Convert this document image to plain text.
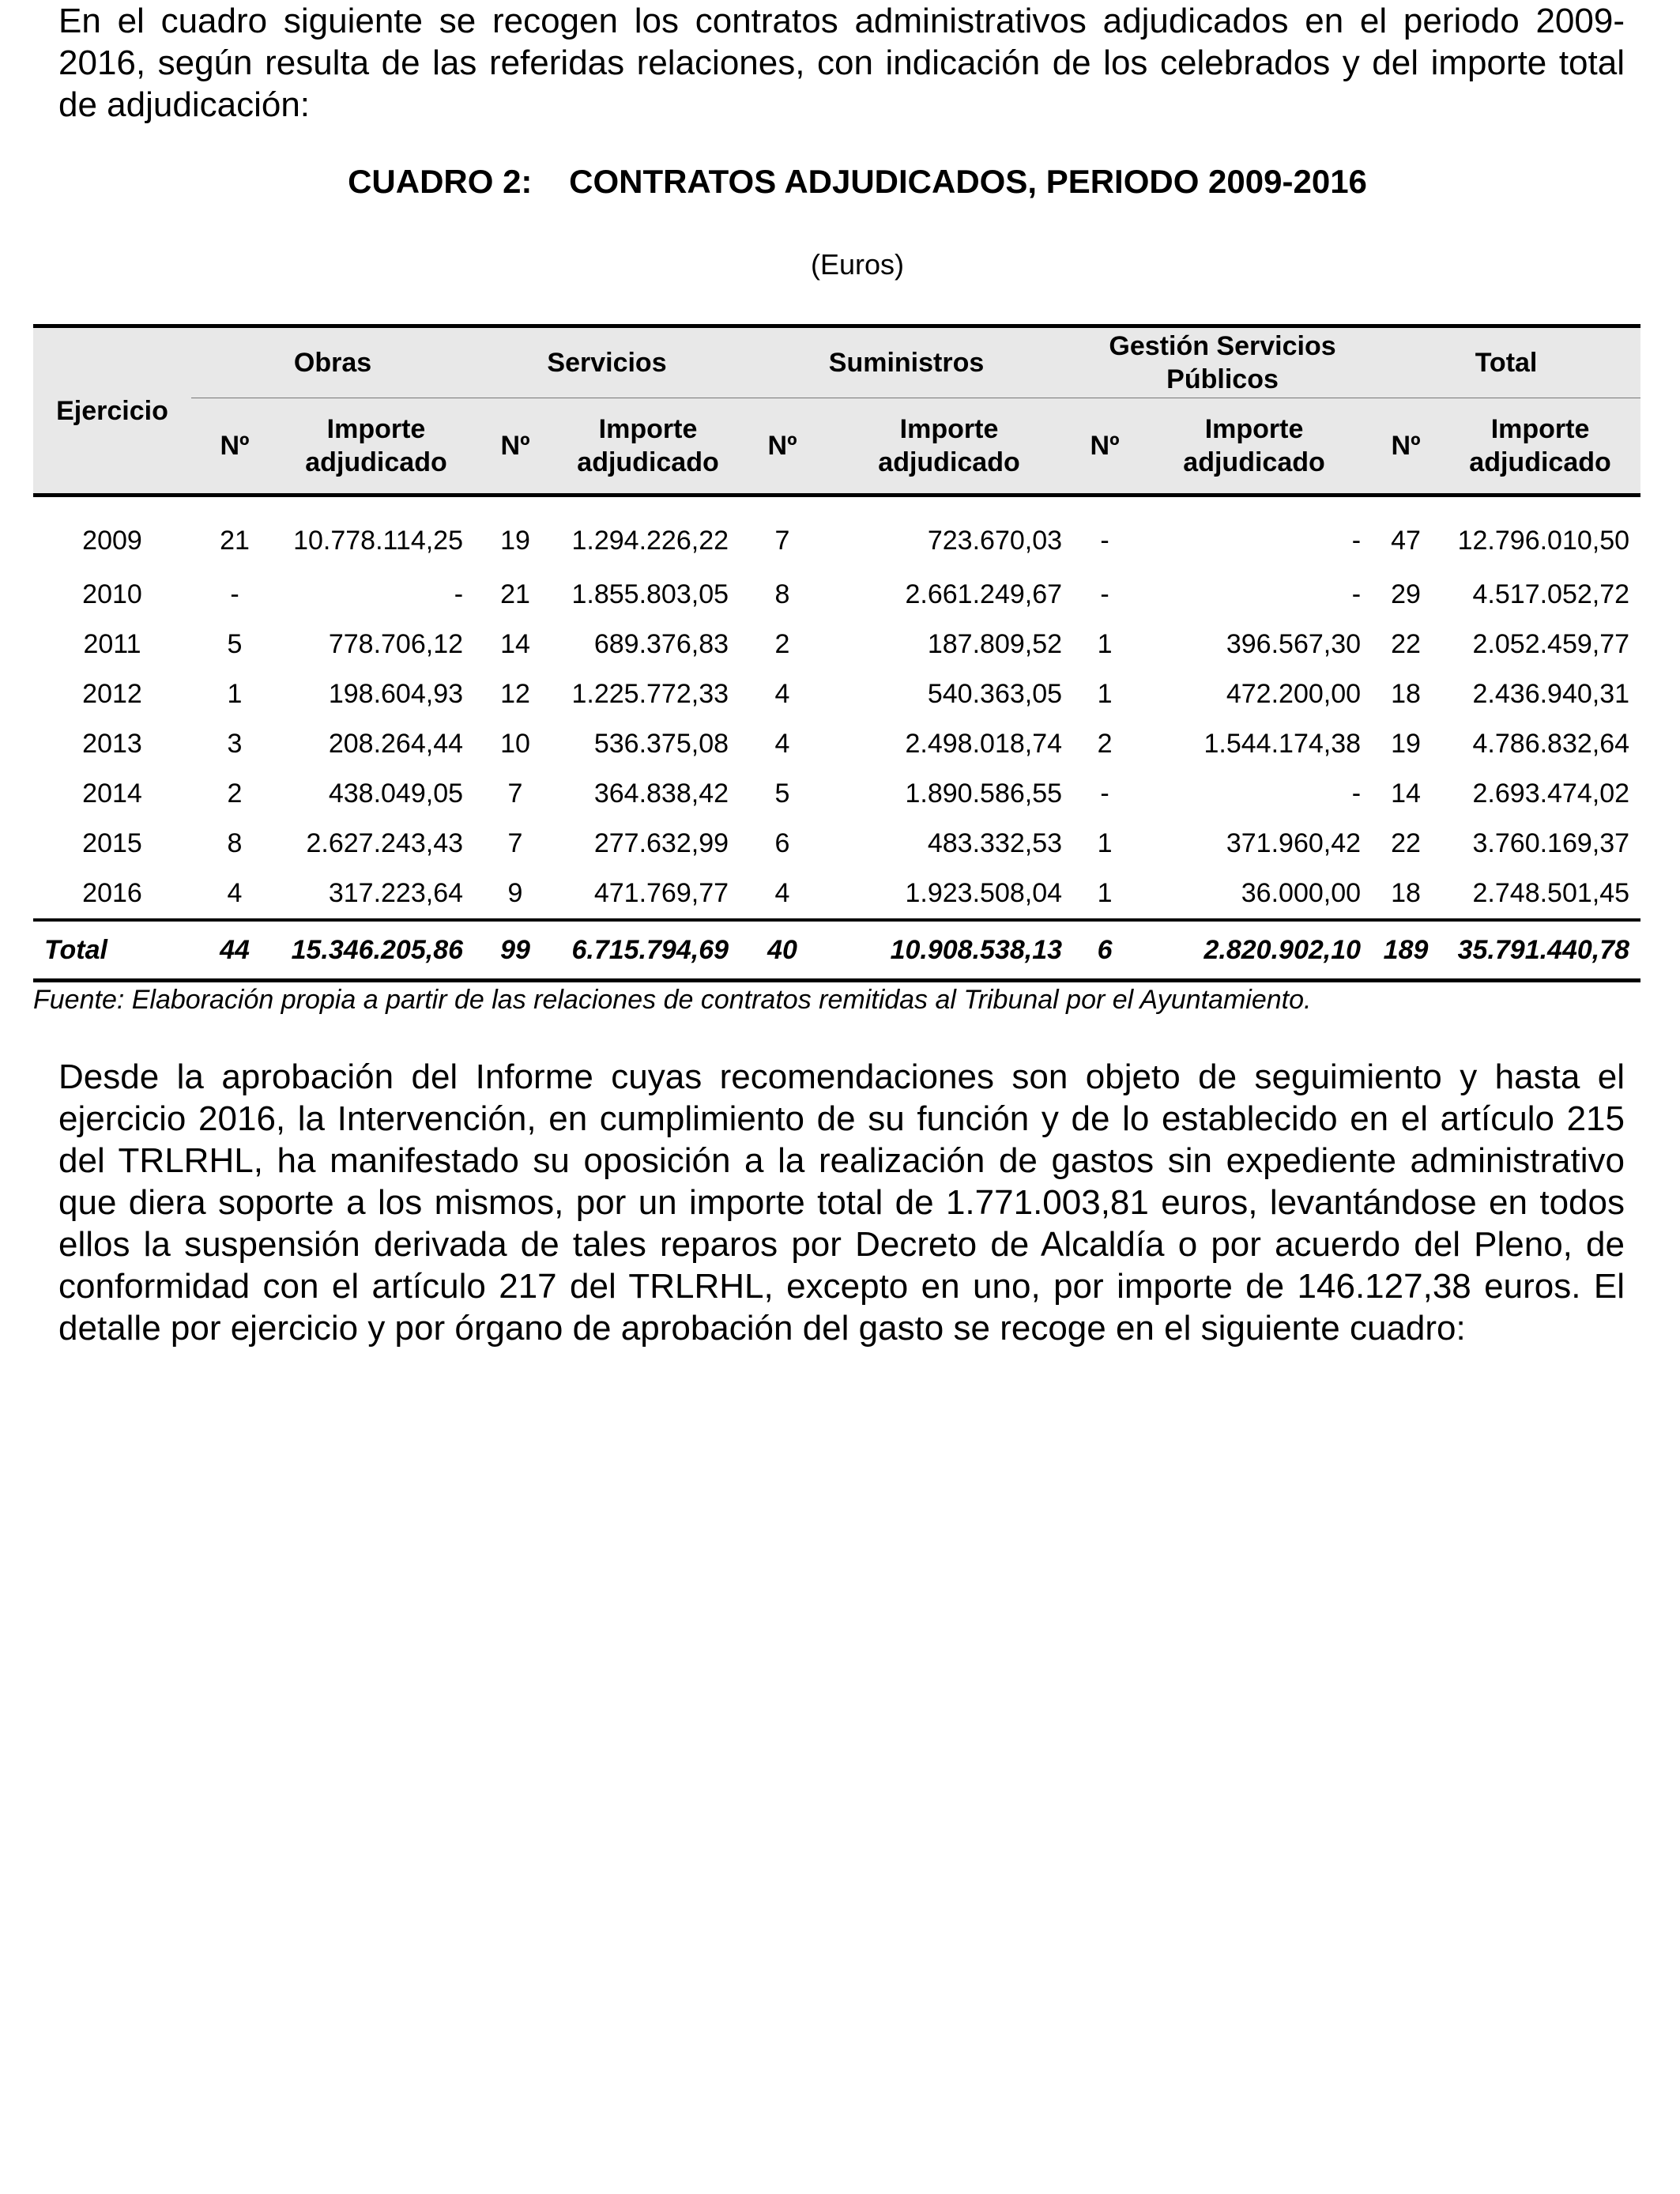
En el cuadro siguiente se recogen los contratos administrativos adjudicados en el periodo 2009-
2016, según resulta de las referidas relaciones, con indicación de los celebrados y del importe total de adjudicación:

CUADRO 2: CONTRATOS ADJUDICADOS, PERIODO 2009-2016
(Euros)
Ejercicio	Obras		Servicios		Suministros		Gestión Servicios Públicos		Total	
	Nº	Importe adjudicado	Nº	Importe adjudicado	Nº	Importe adjudicado	Nº	Importe adjudicado	Nº	Importe adjudicado
2009	21	10.778.114,25	19	1.294.226,22	7	723.670,03	-	-	47	12.796.010,50
2010	-	-	21	1.855.803,05	8	2.661.249,67	-	-	29	4.517.052,72
2011	5	778.706,12	14	689.376,83	2	187.809,52	1	396.567,30	22	2.052.459,77
2012	1	198.604,93	12	1.225.772,33	4	540.363,05	1	472.200,00	18	2.436.940,31
2013	3	208.264,44	10	536.375,08	4	2.498.018,74	2	1.544.174,38	19	4.786.832,64
2014	2	438.049,05	7	364.838,42	5	1.890.586,55	-	-	14	2.693.474,02
2015	8	2.627.243,43	7	277.632,99	6	483.332,53	1	371.960,42	22	3.760.169,37
2016	4	317.223,64	9	471.769,77	4	1.923.508,04	1	36.000,00	18	2.748.501,45
Total	44	15.346.205,86	99	6.715.794,69	40	10.908.538,13	6	2.820.902,10	189	35.791.440,78
Fuente: Elaboración propia a partir de las relaciones de contratos remitidas al Tribunal por el Ayuntamiento.

Desde la aprobación del Informe cuyas recomendaciones son objeto de seguimiento y hasta el ejercicio 2016, la Intervención, en cumplimiento de su función y de lo establecido en el artículo 215 del TRLRHL, ha manifestado su oposición a la realización de gastos sin expediente administrativo que diera soporte a los mismos, por un importe total de 1.771.003,81 euros, levantándose en todos ellos la suspensión derivada de tales reparos por Decreto de Alcaldía o por acuerdo del Pleno, de conformidad con el artículo 217 del TRLRHL, excepto en uno, por importe de 146.127,38 euros. El detalle por ejercicio y por órgano de aprobación del gasto se recoge en el siguiente cuadro:
